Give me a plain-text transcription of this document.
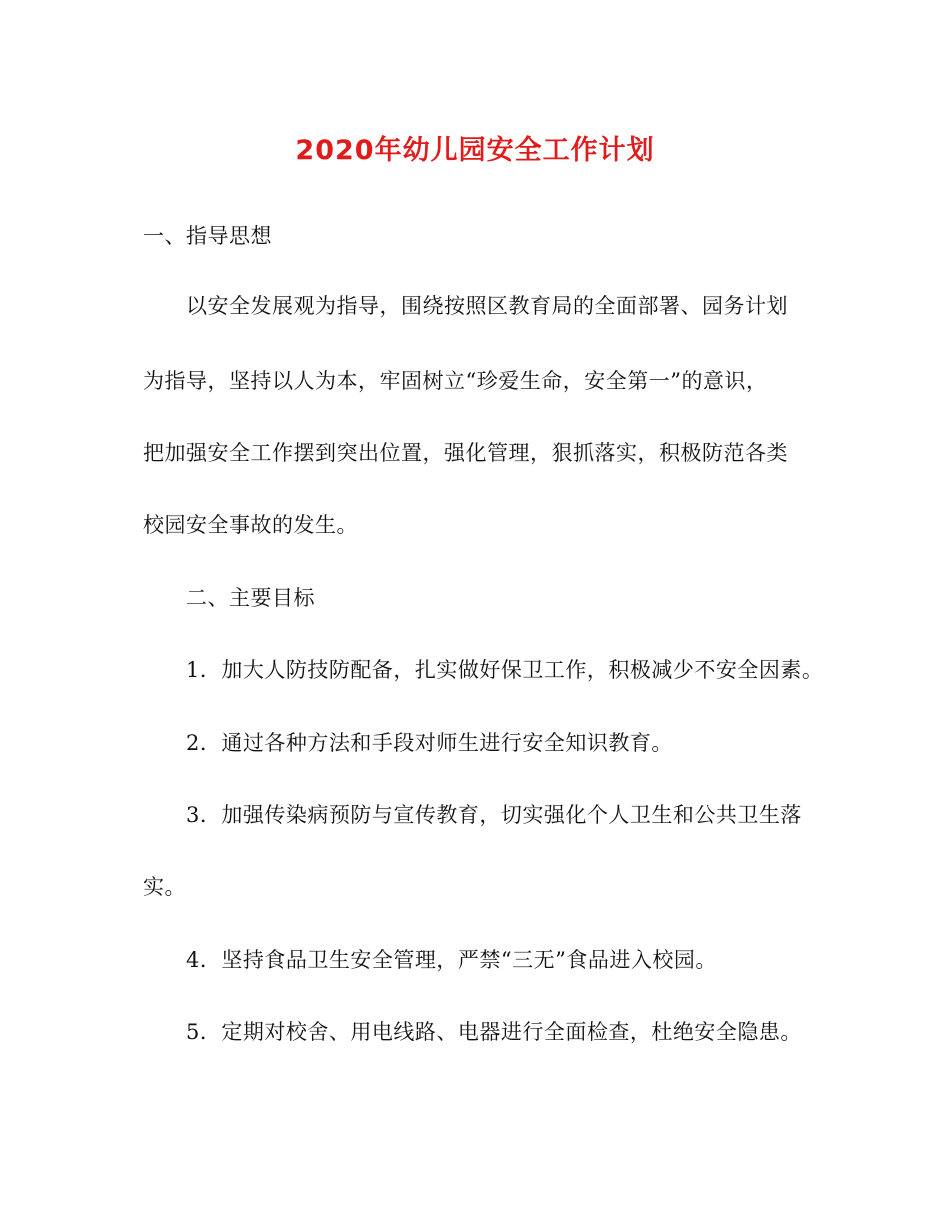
2020年幼儿园安全工作计划
一、指导思想
以安全发展观为指导，围绕按照区教育局的全面部署、园务计划
为指导，坚持以人为本，牢固树立“珍爱生命，安全第一”的意识，
把加强安全工作摆到突出位置，强化管理，狠抓落实，积极防范各类
校园安全事故的发生。
二、主要目标
1．加大人防技防配备，扎实做好保卫工作，积极减少不安全因素。
2．通过各种方法和手段对师生进行安全知识教育。
3．加强传染病预防与宣传教育，切实强化个人卫生和公共卫生落
实。
4．坚持食品卫生安全管理，严禁“三无”食品进入校园。
5．定期对校舍、用电线路、电器进行全面检查，杜绝安全隐患。
